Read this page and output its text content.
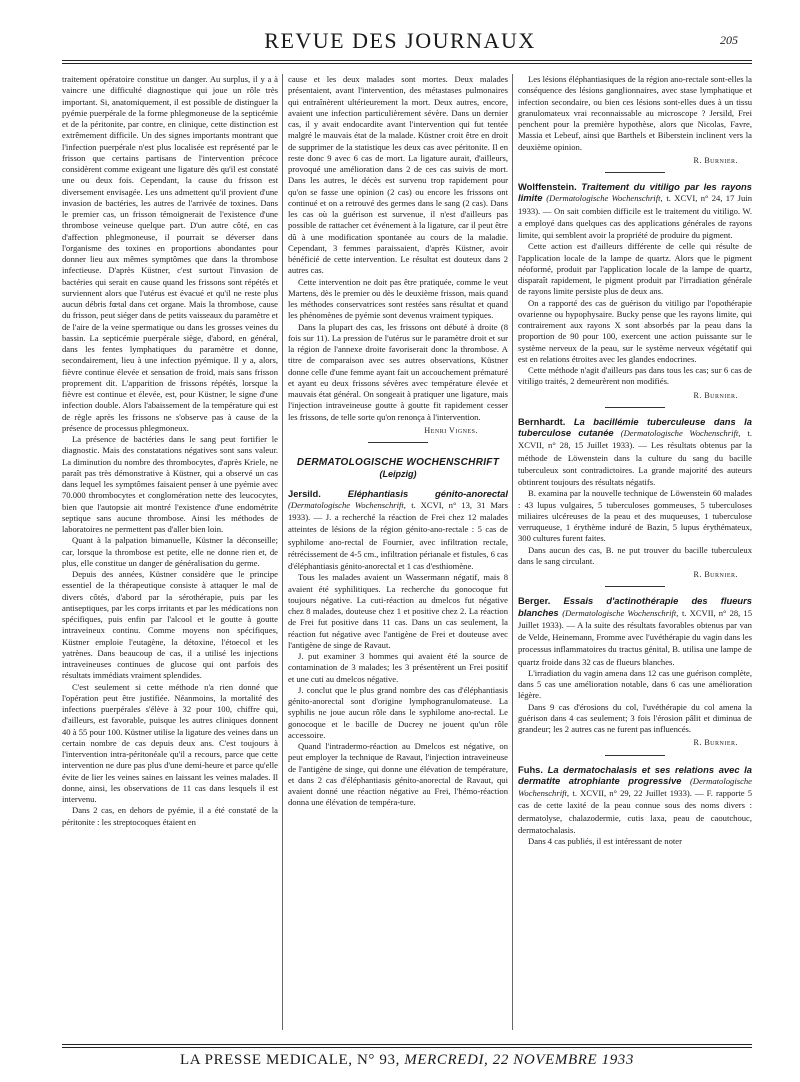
REVUE DES JOURNAUX	205

traitement opératoire constitue un danger. Au surplus, il y a à vaincre une difficulté diagnostique qui joue un rôle très important. Si, anatomiquement, il est possible de distinguer la pyémie puerpérale de la forme phlegmoneuse de la septicémie et de la péritonite, par contre, en clinique, cette distinction est extrêmement difficile. Un des signes importants montrant que l'infection puerpérale n'est plus localisée est représenté par le frisson que certains partisans de l'intervention précoce considèrent comme exigeant une ligature dès qu'il est constaté une ou deux fois. Cependant, la cause du frisson est diversement envisagée. Les uns admettent qu'il provient d'une invasion de bactéries, les autres de l'arrivée de toxines. Dans le premier cas, un frisson témoignerait de l'existence d'une thrombose veineuse quelque part. D'un autre côté, en cas d'affection phlegmoneuse, il pourrait se déverser dans l'organisme des toxines en proportions abondantes pour donner lieu aux mêmes symptômes que dans la thrombose infectieuse. D'après Küstner, c'est surtout l'invasion de bactéries qui serait en cause quand les frissons sont répétés et surviennent alors que l'utérus est évacué et qu'il ne reste plus aucun débris fœtal dans cet organe. Mais la thrombose, cause du frisson, peut siéger dans de petits vaisseaux du paramètre et de l'aire de la veine spermatique ou dans les grosses veines du bassin. La septicémie puerpérale siège, d'abord, en général, dans les fentes lymphatiques du paramètre et donne, secondairement, lieu à une infection pyémique. Il y a, alors, fièvre continue élevée et sensation de froid, mais sans frisson proprement dit. L'apparition de frissons répétés, lorsque la fièvre est continue et élevée, est, pour Küstner, le signe d'une infection double. Alors l'abaissement de la température qui est de règle après les frissons ne s'observe pas à cause de la présence de processus phlegmoneux.

La présence de bactéries dans le sang peut fortifier le diagnostic. Mais des constatations négatives sont sans valeur. La diminution du nombre des thrombocytes, d'après Kriele, ne paraît pas très démonstrative à Küstner, qui a observé un cas dans lequel les symptômes faisaient penser à une pyémie avec 70.000 thrombocytes et conglomération nette des leucocytes, bien que l'autopsie ait montré l'existence d'une endométrite septique sans aucune thrombose. Ainsi les méthodes de laboratoires ne permettent pas d'aller bien loin.

Quant à la palpation bimanuelle, Küstner la déconseille; car, lorsque la thrombose est petite, elle ne donne rien et, de plus, elle constitue un danger de généralisation du germe.

Depuis des années, Küstner considère que le principe essentiel de la thérapeutique consiste à attaquer le mal de divers côtés, d'abord par la sérothérapie, puis par les antiseptiques, par les corps irritants et par les médications non spécifiques, puis enfin par l'alcool et le goutte à goutte intraveineux continu. Comme moyens non spécifiques, Küstner emploie l'eutagène, la détoxine, l'étoecol et les yatrènes. Dans beaucoup de cas, il a utilisé les injections intraveineuses continues de glucose qui ont parfois des résultats immédiats vraiment splendides.

C'est seulement si cette méthode n'a rien donné que l'opération peut être justifiée. Néanmoins, la mortalité des infections puerpérales s'élève à 32 pour 100, chiffre qui, d'ailleurs, est favorable, puisque les autres cliniques donnent 40 à 55 pour 100. Küstner utilise la ligature des veines dans un certain nombre de cas depuis deux ans. C'est toujours à l'intervention intra-péritonéale qu'il a recours, parce que cette intervention ne dure pas plus d'une demi-heure et parce qu'elle évite de lier les veines saines en laissant les veines malades. Il donne, ainsi, les observations de 11 cas dans lesquels il est intervenu.

Dans 2 cas, en dehors de pyémie, il a été constaté de la péritonite : les streptocoques étaient en

cause et les deux malades sont mortes. Deux malades présentaient, avant l'intervention, des métastases pulmonaires qui entraînèrent ultérieurement la mort. Deux autres, encore, avaient une infection particulièrement sévère. Dans un dernier cas, il y avait endocardite avant l'intervention qui fut tentée malgré le mauvais état de la malade. Küstner croit être en droit de supprimer de la statistique les deux cas avec péritonite. Il en reste donc 9 avec 6 cas de mort. La ligature aurait, d'ailleurs, provoqué une amélioration dans 2 de ces cas suivis de mort. Dans les autres, le décès est survenu trop rapidement pour qu'on se fasse une opinion (2 cas) ou encore les frissons ont continué et on a retrouvé des germes dans le sang (2 cas). Dans les cas où la guérison est survenue, il n'est d'ailleurs pas possible de rattacher cet événement à la ligature, car il peut être dû à une modification spontanée au cours de la maladie. Cependant, 3 femmes paraissaient, d'après Küstner, avoir bénéficié de cette intervention. Le résultat est douteux dans 2 autres cas.

Cette intervention ne doit pas être pratiquée, comme le veut Martens, dès le premier ou dès le deuxième frisson, mais quand les méthodes conservatrices sont restées sans résultat et quand les phénomènes de pyémie sont devenus vraiment typiques.

Dans la plupart des cas, les frissons ont débuté à droite (8 fois sur 11). La pression de l'utérus sur le paramètre droit et sur la région de l'annexe droite favoriserait donc la thrombose. A titre de comparaison avec ses autres observations, Küstner donne celle d'une femme ayant fait un accouchement prématuré et ayant eu deux frissons sévères avec température élevée et mauvais état général. On songeait à pratiquer une ligature, mais l'injection intraveineuse goutte à goutte fit rapidement cesser les frissons, de telle sorte qu'on renonça à l'intervention.

Henri Vignes.
DERMATOLOGISCHE WOCHENSCHRIFT
(Leipzig)

Jersild.	Eléphantiasis génito-anorectal (Dermatologische Wochenschrift, t. XCVI, n° 13, 31 Mars 1933). — J. a recherché la réaction de Frei chez 12 malades atteintes de lésions de la région génito-ano-rectale : 5 cas de syphilome ano-rectal de Fournier, avec infiltration rectale, rétrécissement de 4-5 cm., infiltration périanale et fistules, 6 cas d'éléphantiasis génito-anorectal et 1 cas d'esthiomène.

Tous les malades avaient un Wassermann négatif, mais 8 avaient été syphilitiques. La recherche du gonocoque fut toujours négative. La cuti-réaction au dmelcos fut négative chez 8 malades, douteuse chez 1 et positive chez 2. La réaction de Frei fut positive dans 11 cas. Dans un cas seulement, la réaction fut négative avec l'antigène de Frei et douteuse avec l'antigène de singe de Ravaut.

J. put examiner 3 hommes qui avaient été la source de contamination de 3 malades; les 3 présentèrent un Frei positif et une cuti au dmelcos négative.

J. conclut que le plus grand nombre des cas d'éléphantiasis génito-anorectal sont d'origine lymphogranulomateuse. La syphilis ne joue aucun rôle dans le syphilome ano-rectal. Le gonocoque et le bacille de Ducrey ne jouent qu'un rôle accessoire.

Quand l'intradermo-réaction au Dmelcos est négative, on peut employer la technique de Ravaut, l'injection intraveineuse de l'antigène de singe, qui donne une élévation de température, et dans 2 cas d'éléphantiasis génito-anorectal de Ravaut, qui avaient donné une réaction négative au Frei, l'hémo-réaction donna une élévation de tempéra-ture.

Les lésions éléphantiasiques de la région ano-rectale sont-elles la conséquence des lésions ganglionnaires, avec stase lymphatique et infection secondaire, ou bien ces lésions sont-elles dues à un tissu granulomateux vrai reconnaissable au microscope ? Jersild, Frei penchent pour la première hypothèse, alors que Nicolas, Favre, Massia et Lebeuf, ainsi que Barthels et Biberstein inclinent vers la deuxième opinion.

R. Burnier.

Wolffenstein. Traitement du vitiligo par les rayons limite (Dermatologische Wochenschrift, t. XCVI, n° 24, 17 Juin 1933). — On sait combien difficile est le traitement du vitiligo. W. a employé dans quelques cas des applications générales de rayons limite, qui semblent avoir la propriété de produire du pigment.

Cette action est d'ailleurs différente de celle qui résulte de l'application locale de la lampe de quartz. Alors que le pigment néoformé, produit par l'application locale de la lampe de quartz, disparaît rapidement, le pigment produit par l'irradiation générale de rayons limite persiste plus de deux ans.

On a rapporté des cas de guérison du vitiligo par l'opothérapie ovarienne ou hypophysaire. Bucky pense que les rayons limite, qui contrairement aux rayons X sont absorbés par la peau dans la proportion de 90 pour 100, exercent une action puissante sur le système nerveux de la peau, sur le système nerveux végétatif qui est en relations étroites avec les glandes endocrines.

Cette méthode n'agit d'ailleurs pas dans tous les cas; sur 6 cas de vitiligo traités, 2 demeurèrent non modifiés.

R. Burnier.

Bernhardt. La bacillémie tuberculeuse dans la tuberculose cutanée (Dermatologische Wochenschrift, t. XCVII, n° 28, 15 Juillet 1933). — Les résultats obtenus par la méthode de Löwenstein dans la culture du sang du bacille tuberculeux sont contradictoires. La grande majorité des auteurs obtinrent toujours des résultats négatifs.

B. examina par la nouvelle technique de Löwenstein 60 malades : 43 lupus vulgaires, 5 tuberculoses gommeuses, 5 tuberculoses miliaires ulcéreuses de la peau et des muqueuses, 1 tuberculose verruqueuse, 1 érythème induré de Bazin, 5 lupus érythémateux, 300 cultures furent faites.

Dans aucun des cas, B. ne put trouver du bacille tuberculeux dans le sang circulant.

R. Burnier.

Berger. Essais d'actinothérapie des flueurs blanches (Dermatologische Wochenschrift, t. XCVII, n° 28, 15 Juillet 1933). — A la suite des résultats favorables obtenus par van de Velde, Heinemann, Fromme avec l'uvéthérapie du vagin dans les processus inflammatoires du tractus génital, B. utilisa une lampe de quartz froide dans 32 cas de flueurs blanches.

L'irradiation du vagin amena dans 12 cas une guérison complète, dans 5 cas une amélioration notable, dans 6 cas une amélioration légère.

Dans 9 cas d'érosions du col, l'uvéthérapie du col amena la guérison dans 4 cas seulement; 3 fois l'érosion pâlit et diminua de grandeur; les 2 autres cas ne furent pas influencés.

R. Burnier.

Fuhs. La dermatochalasis et ses relations avec la dermatite atrophiante progressive (Dermatologische Wochenschrift, t. XCVII, n° 29, 22 Juillet 1933). — F. rapporte 5 cas de cette laxité de la peau connue sous des noms divers : dermatolyse, chalazodermie, cutis laxa, peau de caoutchouc, dermatochalasis.

Dans 4 cas publiés, il est intéressant de noter

LA PRESSE MEDICALE, N° 93, MERCREDI, 22 NOVEMBRE 1933
